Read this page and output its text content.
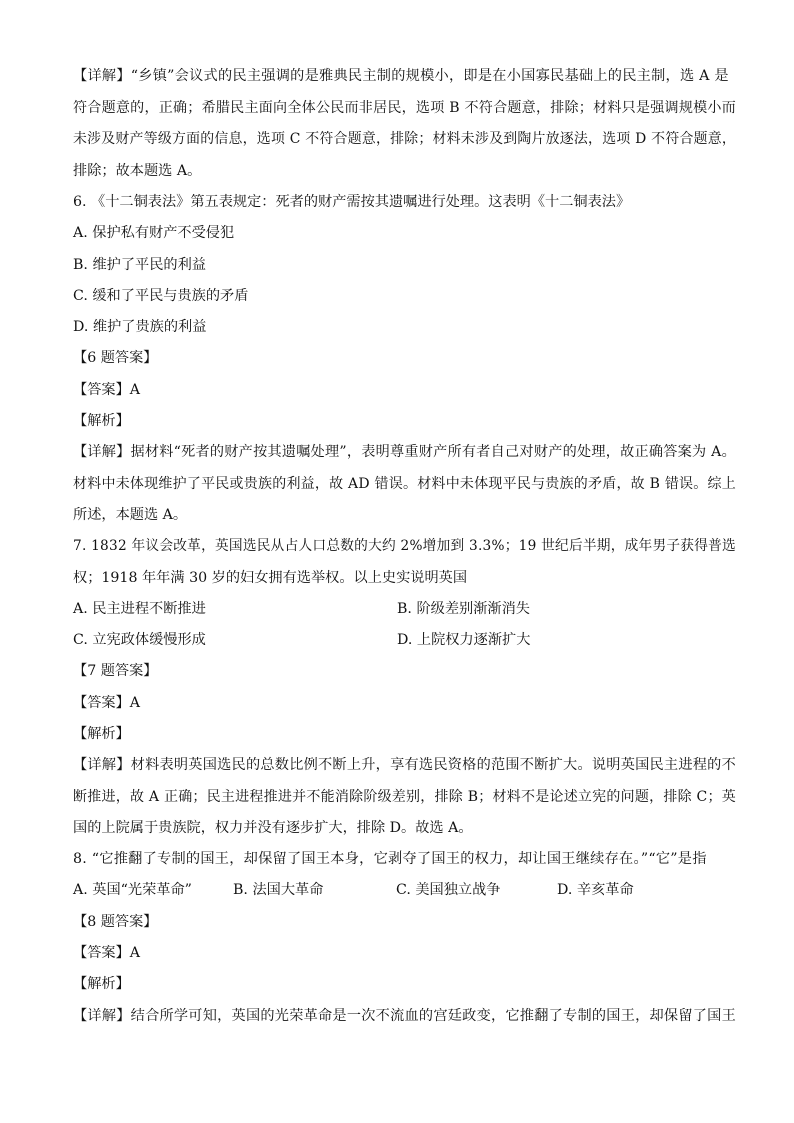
【详解】“乡镇”会议式的民主强调的是雅典民主制的规模小，即是在小国寡民基础上的民主制，选 A 是
符合题意的，正确；希腊民主面向全体公民而非居民，选项 B 不符合题意，排除；材料只是强调规模小而
未涉及财产等级方面的信息，选项 C 不符合题意，排除；材料未涉及到陶片放逐法，选项 D 不符合题意，
排除；故本题选 A。
6. 《十二铜表法》第五表规定：死者的财产需按其遗嘱进行处理。这表明《十二铜表法》
A. 保护私有财产不受侵犯
B. 维护了平民的利益
C. 缓和了平民与贵族的矛盾
D. 维护了贵族的利益
【6 题答案】
【答案】A
【解析】
【详解】据材料“死者的财产按其遗嘱处理”，表明尊重财产所有者自己对财产的处理，故正确答案为 A。
材料中未体现维护了平民或贵族的利益，故 AD 错误。材料中未体现平民与贵族的矛盾，故 B 错误。综上
所述，本题选 A。
7. 1832 年议会改革，英国选民从占人口总数的大约 2%增加到 3.3%；19 世纪后半期，成年男子获得普选
权；1918 年年满 30 岁的妇女拥有选举权。以上史实说明英国
A. 民主进程不断推进	B. 阶级差别渐渐消失
C. 立宪政体缓慢形成	D. 上院权力逐渐扩大
【7 题答案】
【答案】A
【解析】
【详解】材料表明英国选民的总数比例不断上升，享有选民资格的范围不断扩大。说明英国民主进程的不
断推进，故 A 正确；民主进程推进并不能消除阶级差别，排除 B；材料不是论述立宪的问题，排除 C；英
国的上院属于贵族院，权力并没有逐步扩大，排除 D。故选 A。
8. “它推翻了专制的国王，却保留了国王本身，它剥夺了国王的权力，却让国王继续存在。”“它”是指
A. 英国“光荣革命”	B. 法国大革命	C. 美国独立战争	D. 辛亥革命
【8 题答案】
【答案】A
【解析】
【详解】结合所学可知，英国的光荣革命是一次不流血的宫廷政变，它推翻了专制的国王，却保留了国王
